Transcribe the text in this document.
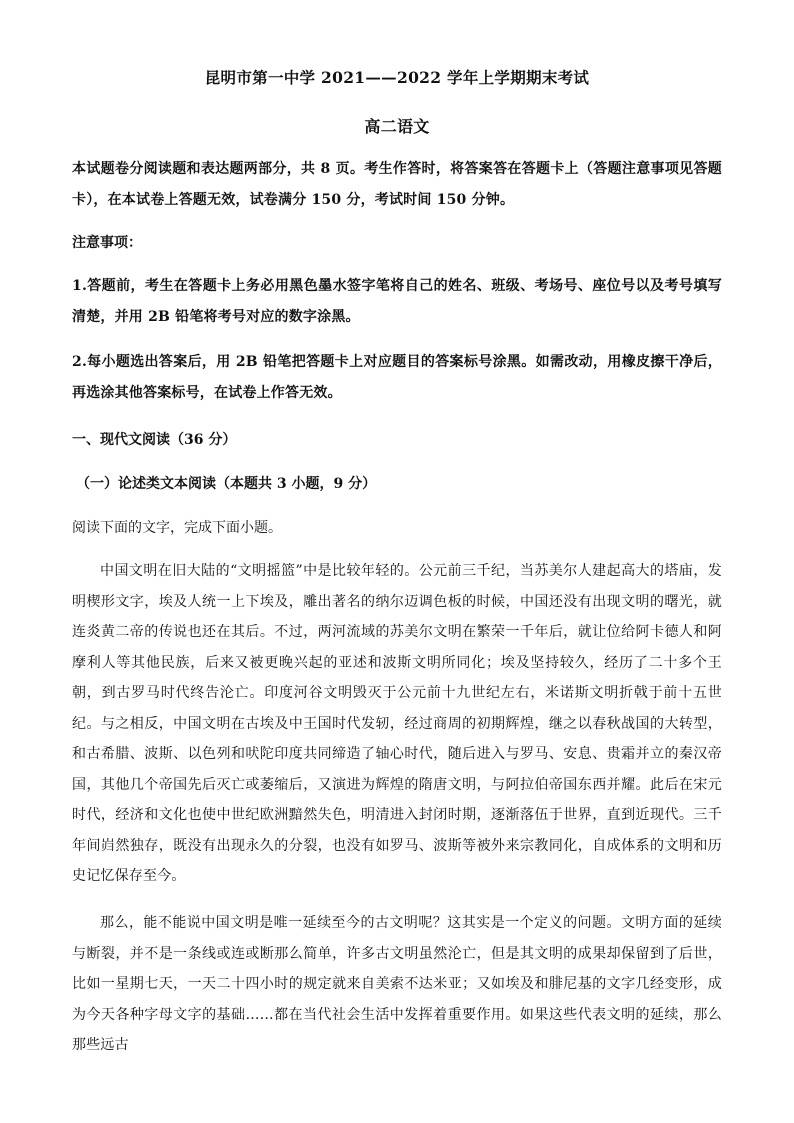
昆明市第一中学 2021——2022 学年上学期期末考试
高二语文
本试题卷分阅读题和表达题两部分，共 8 页。考生作答时，将答案答在答题卡上（答题注意事项见答题卡），在本试卷上答题无效，试卷满分 150 分，考试时间 150 分钟。
注意事项：
1.答题前，考生在答题卡上务必用黑色墨水签字笔将自己的姓名、班级、考场号、座位号以及考号填写清楚，并用 2B 铅笔将考号对应的数字涂黑。
2.每小题选出答案后，用 2B 铅笔把答题卡上对应题目的答案标号涂黑。如需改动，用橡皮擦干净后，再选涂其他答案标号，在试卷上作答无效。
一、现代文阅读（36 分）
（一）论述类文本阅读（本题共 3 小题，9 分）
阅读下面的文字，完成下面小题。
中国文明在旧大陆的“文明摇篮”中是比较年轻的。公元前三千纪，当苏美尔人建起高大的塔庙，发明楔形文字，埃及人统一上下埃及，雕出著名的纳尔迈调色板的时候，中国还没有出现文明的曙光，就连炎黄二帝的传说也还在其后。不过，两河流域的苏美尔文明在繁荣一千年后，就让位给阿卡德人和阿摩利人等其他民族，后来又被更晚兴起的亚述和波斯文明所同化；埃及坚持较久，经历了二十多个王朝，到古罗马时代终告沦亡。印度河谷文明毁灭于公元前十九世纪左右，米诺斯文明折戟于前十五世纪。与之相反，中国文明在古埃及中王国时代发轫，经过商周的初期辉煌，继之以春秋战国的大转型，和古希腊、波斯、以色列和吠陀印度共同缔造了轴心时代，随后进入与罗马、安息、贵霜并立的秦汉帝国，其他几个帝国先后灭亡或萎缩后，又演进为辉煌的隋唐文明，与阿拉伯帝国东西并耀。此后在宋元时代，经济和文化也使中世纪欧洲黯然失色，明清进入封闭时期，逐渐落伍于世界，直到近现代。三千年间岿然独存，既没有出现永久的分裂，也没有如罗马、波斯等被外来宗教同化，自成体系的文明和历史记忆保存至今。
那么，能不能说中国文明是唯一延续至今的古文明呢？这其实是一个定义的问题。文明方面的延续与断裂，并不是一条线或连或断那么简单，许多古文明虽然沦亡，但是其文明的成果却保留到了后世，比如一星期七天，一天二十四小时的规定就来自美索不达米亚；又如埃及和腓尼基的文字几经变形，成为今天各种字母文字的基础……都在当代社会生活中发挥着重要作用。如果这些代表文明的延续，那么那些远古
